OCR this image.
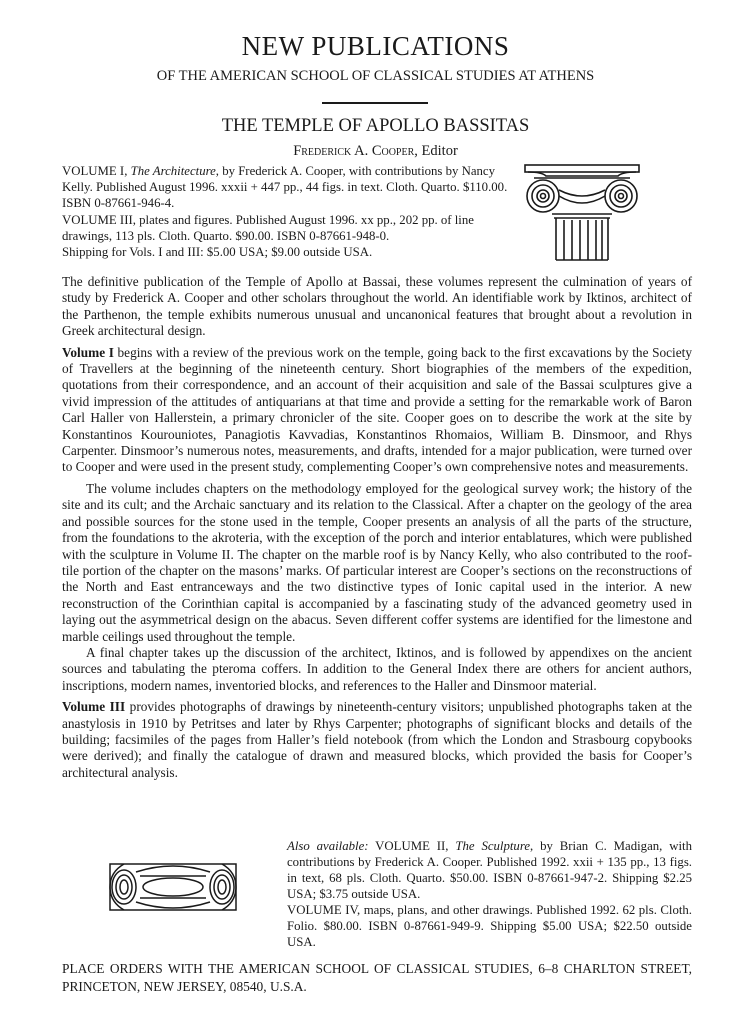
NEW PUBLICATIONS
OF THE AMERICAN SCHOOL OF CLASSICAL STUDIES AT ATHENS
THE TEMPLE OF APOLLO BASSITAS
Frederick A. Cooper, Editor
VOLUME I, The Architecture, by Frederick A. Cooper, with contributions by Nancy Kelly. Published August 1996. xxxii + 447 pp., 44 figs. in text. Cloth. Quarto. $110.00. ISBN 0-87661-946-4.
VOLUME III, plates and figures. Published August 1996. xx pp., 202 pp. of line drawings, 113 pls. Cloth. Quarto. $90.00. ISBN 0-87661-948-0.
Shipping for Vols. I and III: $5.00 USA; $9.00 outside USA.

The definitive publication of the Temple of Apollo at Bassai, these volumes represent the culmination of years of study by Frederick A. Cooper and other scholars throughout the world. An identifiable work by Iktinos, architect of the Parthenon, the temple exhibits numerous unusual and uncanonical features that brought about a revolution in Greek architectural design.

Volume I begins with a review of the previous work on the temple, going back to the first excavations by the Society of Travellers at the beginning of the nineteenth century. Short biographies of the members of the expedition, quotations from their correspondence, and an account of their acquisition and sale of the Bassai sculptures give a vivid impression of the attitudes of antiquarians at that time and provide a setting for the remarkable work of Baron Carl Haller von Hallerstein, a primary chronicler of the site. Cooper goes on to describe the work at the site by Konstantinos Kourouniotes, Panagiotis Kavvadias, Konstantinos Rhomaios, William B. Dinsmoor, and Rhys Carpenter. Dinsmoor’s numerous notes, measurements, and drafts, intended for a major publication, were turned over to Cooper and were used in the present study, complementing Cooper’s own comprehensive notes and measurements.

The volume includes chapters on the methodology employed for the geological survey work; the history of the site and its cult; and the Archaic sanctuary and its relation to the Classical. After a chapter on the geology of the area and possible sources for the stone used in the temple, Cooper presents an analysis of all the parts of the structure, from the foundations to the akroteria, with the exception of the porch and interior entablatures, which were published with the sculpture in Volume II. The chapter on the marble roof is by Nancy Kelly, who also contributed to the roof-tile portion of the chapter on the masons’ marks. Of particular interest are Cooper’s sections on the reconstructions of the North and East entranceways and the two distinctive types of Ionic capital used in the interior. A new reconstruction of the Corinthian capital is accompanied by a fascinating study of the advanced geometry used in laying out the asymmetrical design on the abacus. Seven different coffer systems are identified for the limestone and marble ceilings used throughout the temple.

A final chapter takes up the discussion of the architect, Iktinos, and is followed by appendixes on the ancient sources and tabulating the pteroma coffers. In addition to the General Index there are others for ancient authors, inscriptions, modern names, inventoried blocks, and references to the Haller and Dinsmoor material.

Volume III provides photographs of drawings by nineteenth-century visitors; unpublished photographs taken at the anastylosis in 1910 by Petritses and later by Rhys Carpenter; photographs of significant blocks and details of the building; facsimiles of the pages from Haller’s field notebook (from which the London and Strasbourg copybooks were derived); and finally the catalogue of drawn and measured blocks, which provided the basis for Cooper’s architectural analysis.

Also available: VOLUME II, The Sculpture, by Brian C. Madigan, with contributions by Frederick A. Cooper. Published 1992. xxii + 135 pp., 13 figs. in text, 68 pls. Cloth. Quarto. $50.00. ISBN 0-87661-947-2. Shipping $2.25 USA; $3.75 outside USA.
VOLUME IV, maps, plans, and other drawings. Published 1992. 62 pls. Cloth. Folio. $80.00. ISBN 0-87661-949-9. Shipping $5.00 USA; $22.50 outside USA.
PLACE ORDERS WITH THE AMERICAN SCHOOL OF CLASSICAL STUDIES, 6–8 CHARLTON STREET, PRINCETON, NEW JERSEY, 08540, U.S.A.
